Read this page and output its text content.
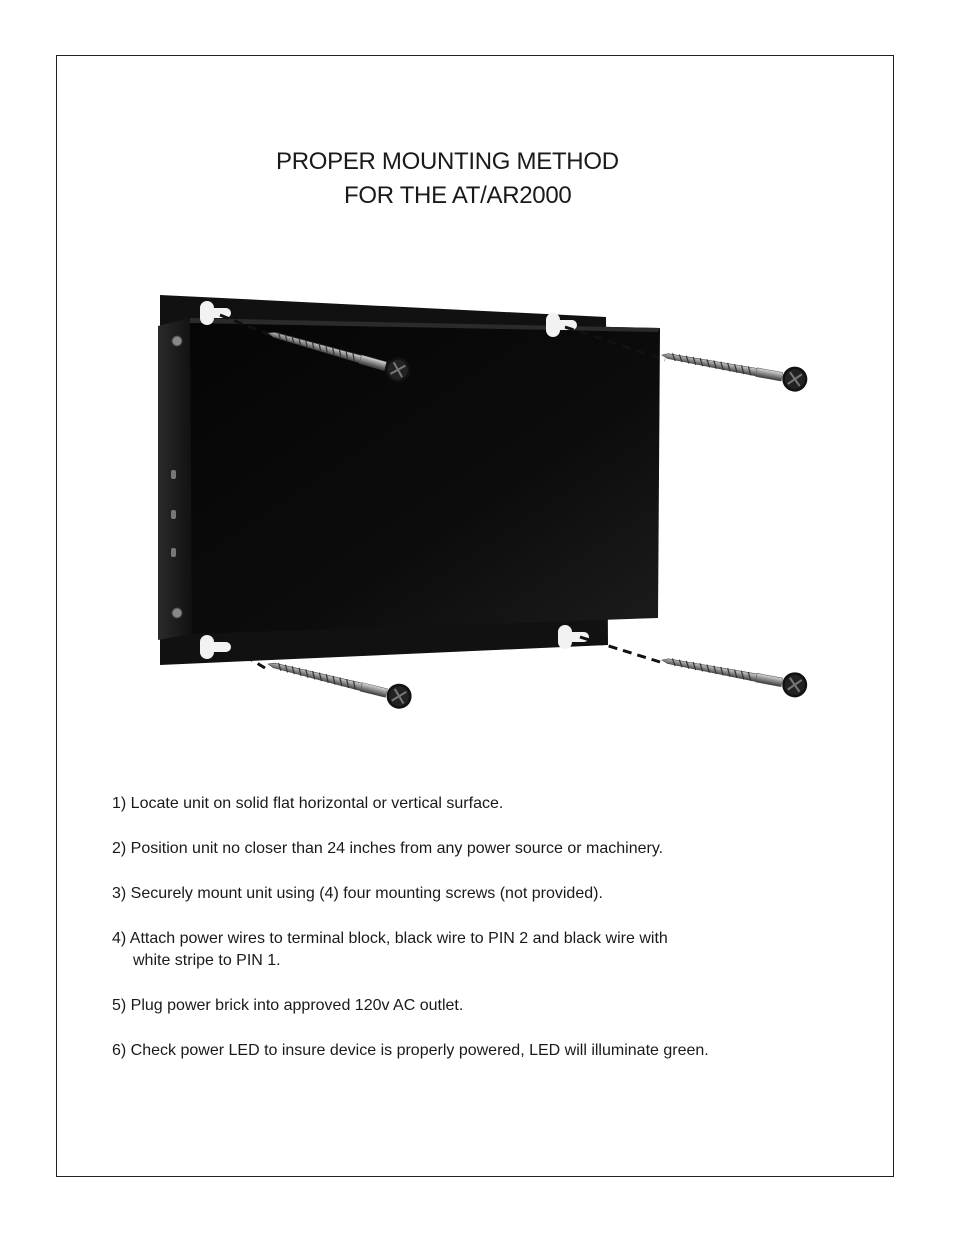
PROPER MOUNTING METHOD
FOR THE AT/AR2000
1) Locate unit on solid flat horizontal or vertical surface.
2) Position unit no closer than 24 inches from any power source or machinery.
3) Securely mount unit using (4) four mounting screws (not provided).
4) Attach power wires to terminal block, black wire to PIN 2 and black wire with
white stripe to PIN 1.
5) Plug power brick into approved 120v AC outlet.
6) Check power LED to insure device is properly powered, LED will illuminate green.
